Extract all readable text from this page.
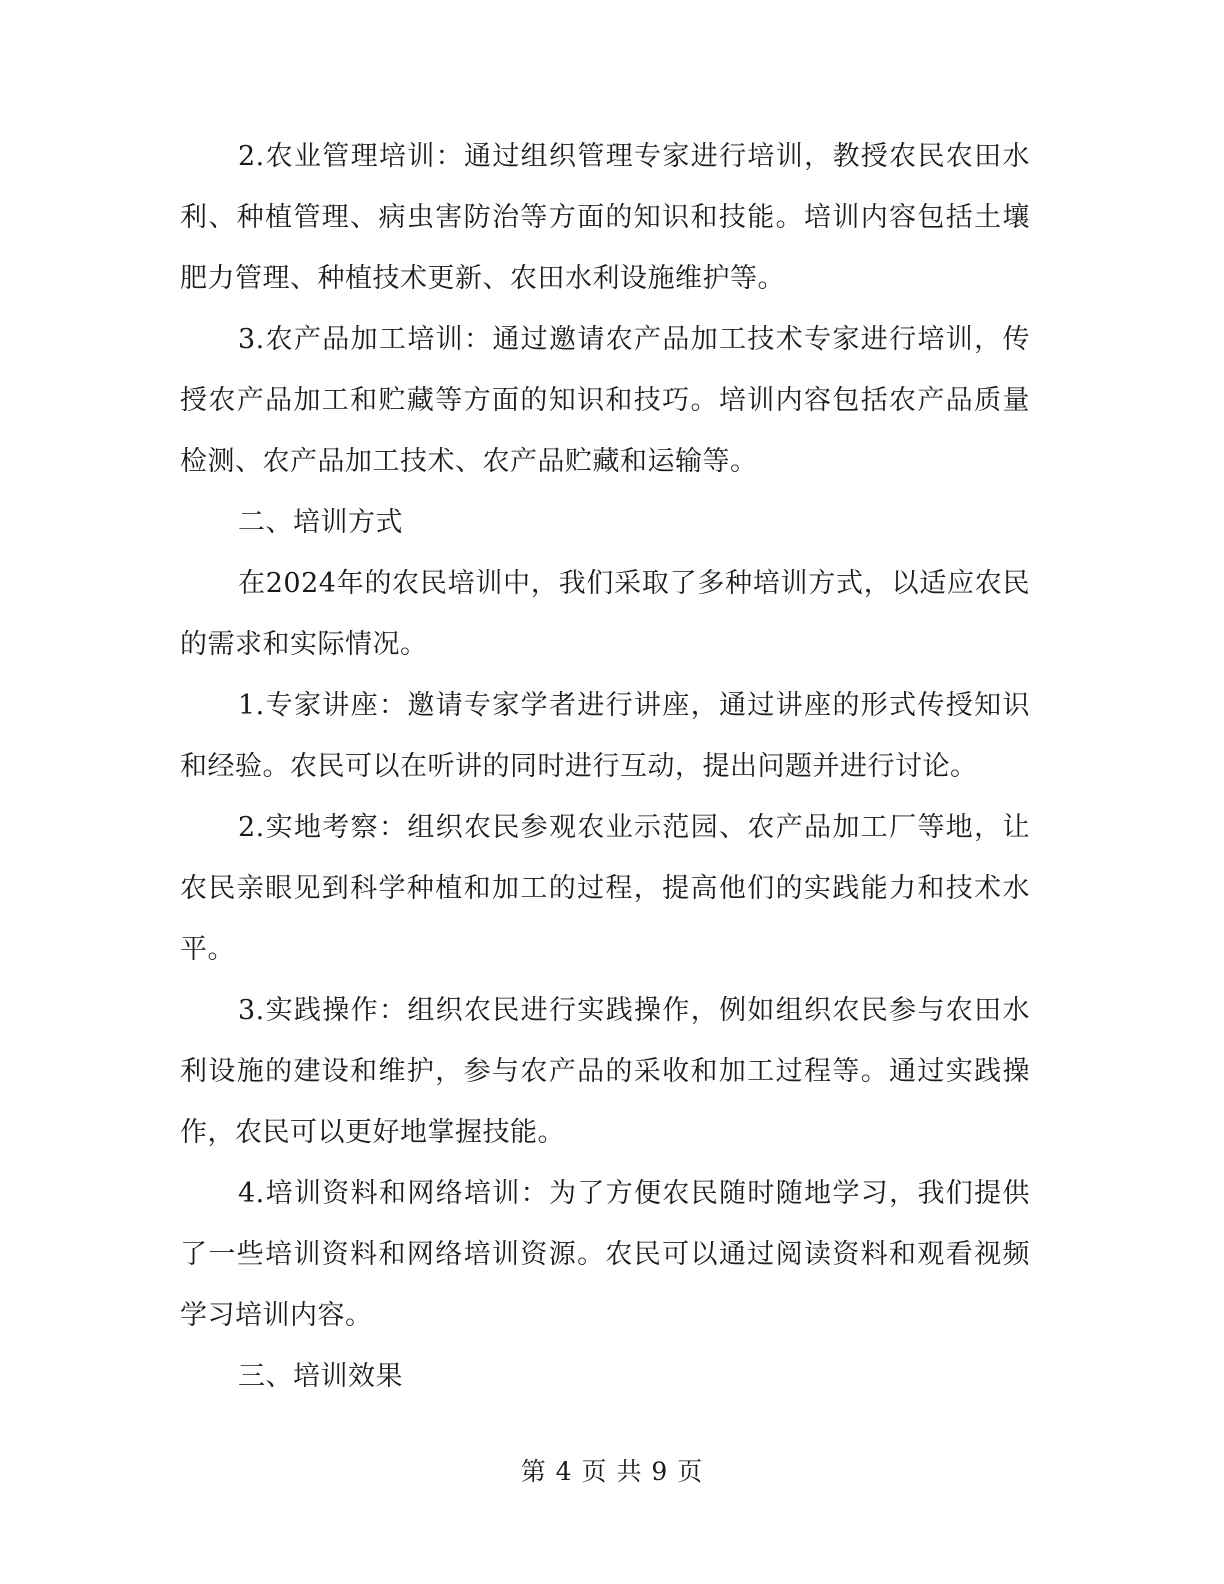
2.农业管理培训：通过组织管理专家进行培训，教授农民农田水利、种植管理、病虫害防治等方面的知识和技能。培训内容包括土壤肥力管理、种植技术更新、农田水利设施维护等。

3.农产品加工培训：通过邀请农产品加工技术专家进行培训，传授农产品加工和贮藏等方面的知识和技巧。培训内容包括农产品质量检测、农产品加工技术、农产品贮藏和运输等。

二、培训方式

在2024年的农民培训中，我们采取了多种培训方式，以适应农民的需求和实际情况。

1.专家讲座：邀请专家学者进行讲座，通过讲座的形式传授知识和经验。农民可以在听讲的同时进行互动，提出问题并进行讨论。

2.实地考察：组织农民参观农业示范园、农产品加工厂等地，让农民亲眼见到科学种植和加工的过程，提高他们的实践能力和技术水平。

3.实践操作：组织农民进行实践操作，例如组织农民参与农田水利设施的建设和维护，参与农产品的采收和加工过程等。通过实践操作，农民可以更好地掌握技能。

4.培训资料和网络培训：为了方便农民随时随地学习，我们提供了一些培训资料和网络培训资源。农民可以通过阅读资料和观看视频学习培训内容。

三、培训效果

第 4 页 共 9 页
